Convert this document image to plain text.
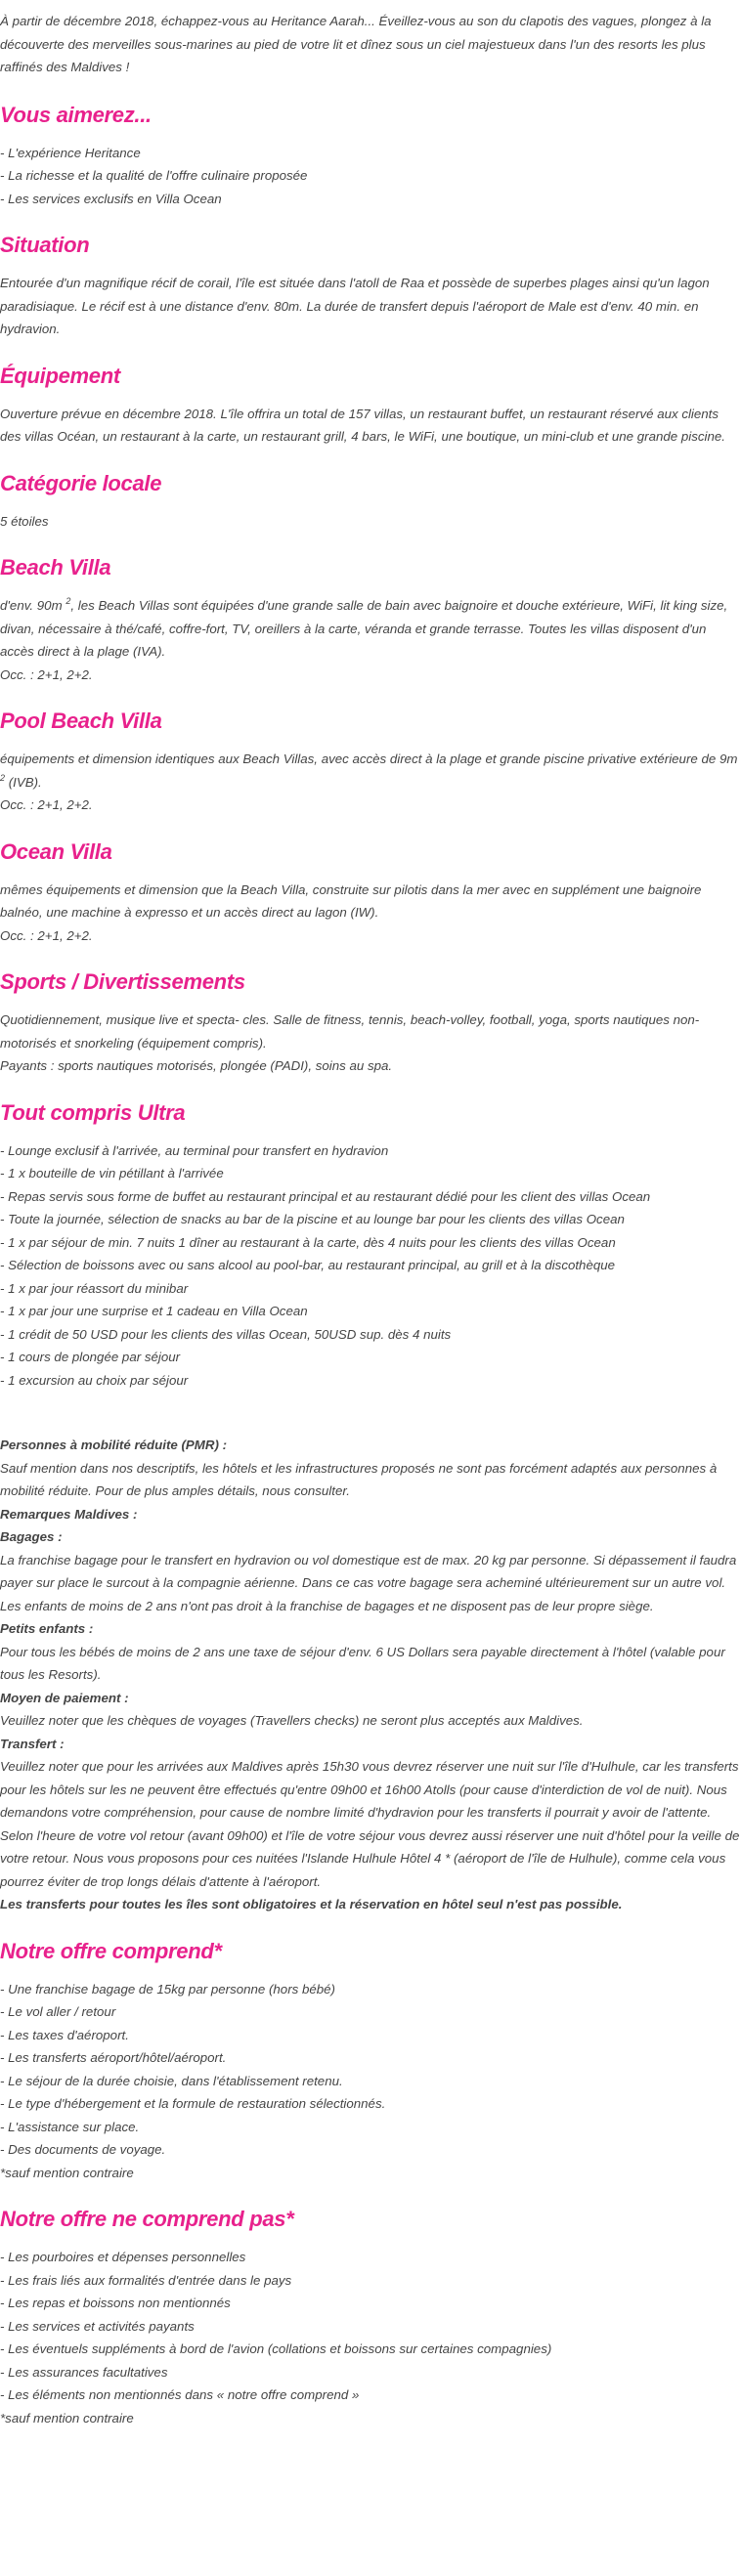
À partir de décembre 2018, échappez-vous au Heritance Aarah... Éveillez-vous au son du clapotis des vagues, plongez à la découverte des merveilles sous-marines au pied de votre lit et dînez sous un ciel majestueux dans l'un des resorts les plus raffinés des Maldives !

Vous aimerez...
- L'expérience Heritance
- La richesse et la qualité de l'offre culinaire proposée
- Les services exclusifs en Villa Ocean
Situation

Entourée d'un magnifique récif de corail, l'île est située dans l'atoll de Raa et possède de superbes plages ainsi qu'un lagon paradisiaque. Le récif est à une distance d'env. 80m. La durée de transfert depuis l'aéroport de Male est d'env. 40 min. en hydravion.

Équipement

Ouverture prévue en décembre 2018. L'île offrira un total de 157 villas, un restaurant buffet, un restaurant réservé aux clients des villas Océan, un restaurant à la carte, un restaurant grill, 4 bars, le WiFi, une boutique, un mini-club et une grande piscine.

Catégorie locale

5 étoiles

Beach Villa

d'env. 90m $^2$, les Beach Villas sont équipées d'une grande salle de bain avec baignoire et douche extérieure, WiFi, lit king size, divan, nécessaire à thé/café, coffre-fort, TV, oreillers à la carte, véranda et grande terrasse. Toutes les villas disposent d'un accès direct à la plage (IVA).

Occ. : 2+1, 2+2.
Pool Beach Villa

équipements et dimension identiques aux Beach Villas, avec accès direct à la plage et grande piscine privative extérieure de 9m $^2$ (IVB).

Occ. : 2+1, 2+2.
Ocean Villa

mêmes équipements et dimension que la Beach Villa, construite sur pilotis dans la mer avec en supplément une baignoire balnéo, une machine à expresso et un accès direct au lagon (IW).

Occ. : 2+1, 2+2.
Sports / Divertissements

Quotidiennement, musique live et specta- cles. Salle de fitness, tennis, beach-volley, football, yoga, sports nautiques non-motorisés et snorkeling (équipement compris).

Payants : sports nautiques motorisés, plongée (PADI), soins au spa.
Tout compris Ultra
- Lounge exclusif à l'arrivée, au terminal pour transfert en hydravion
- 1 x bouteille de vin pétillant à l'arrivée
- Repas servis sous forme de buffet au restaurant principal et au restaurant dédié pour les client des villas Ocean
- Toute la journée, sélection de snacks au bar de la piscine et au lounge bar pour les clients des villas Ocean
- 1 x par séjour de min. 7 nuits 1 dîner au restaurant à la carte, dès 4 nuits pour les clients des villas Ocean
- Sélection de boissons avec ou sans alcool au pool-bar, au restaurant principal, au grill et à la discothèque
- 1 x par jour réassort du minibar
- 1 x par jour une surprise et 1 cadeau en Villa Ocean
- 1 crédit de 50 USD pour les clients des villas Ocean, 50USD sup. dès 4 nuits
- 1 cours de plongée par séjour
- 1 excursion au choix par séjour
Personnes à mobilité réduite (PMR) :

Sauf mention dans nos descriptifs, les hôtels et les infrastructures proposés ne sont pas forcément adaptés aux personnes à mobilité réduite. Pour de plus amples détails, nous consulter.

Remarques Maldives :
Bagages :

La franchise bagage pour le transfert en hydravion ou vol domestique est de max. 20 kg par personne. Si dépassement il faudra payer sur place le surcout à la compagnie aérienne. Dans ce cas votre bagage sera acheminé ultérieurement sur un autre vol.

Les enfants de moins de 2 ans n'ont pas droit à la franchise de bagages et ne disposent pas de leur propre siège.

Petits enfants :

Pour tous les bébés de moins de 2 ans une taxe de séjour d'env. 6 US Dollars sera payable directement à l'hôtel (valable pour tous les Resorts).

Moyen de paiement :

Veuillez noter que les chèques de voyages (Travellers checks) ne seront plus acceptés aux Maldives.

Transfert :

Veuillez noter que pour les arrivées aux Maldives après 15h30 vous devrez réserver une nuit sur l'île d'Hulhule, car les transferts pour les hôtels sur les ne peuvent être effectués qu'entre 09h00 et 16h00 Atolls (pour cause d'interdiction de vol de nuit). Nous demandons votre compréhension, pour cause de nombre limité d'hydravion pour les transferts il pourrait y avoir de l'attente. Selon l'heure de votre vol retour (avant 09h00) et l'île de votre séjour vous devrez aussi réserver une nuit d'hôtel pour la veille de votre retour. Nous vous proposons pour ces nuitées l'Islande Hulhule Hôtel 4 * (aéroport de l'île de Hulhule), comme cela vous pourrez éviter de trop longs délais d'attente à l'aéroport.

Les transferts pour toutes les îles sont obligatoires et la réservation en hôtel seul n'est pas possible.
Notre offre comprend*
- Une franchise bagage de 15kg par personne (hors bébé)
- Le vol aller / retour
- Les taxes d'aéroport.
- Les transferts aéroport/hôtel/aéroport.
- Le séjour de la durée choisie, dans l'établissement retenu.
- Le type d'hébergement et la formule de restauration sélectionnés.
- L'assistance sur place.
- Des documents de voyage.
*sauf mention contraire
Notre offre ne comprend pas*
- Les pourboires et dépenses personnelles
- Les frais liés aux formalités d'entrée dans le pays
- Les repas et boissons non mentionnés
- Les services et activités payants
- Les éventuels suppléments à bord de l'avion (collations et boissons sur certaines compagnies)
- Les assurances facultatives
- Les éléments non mentionnés dans « notre offre comprend »
*sauf mention contraire
